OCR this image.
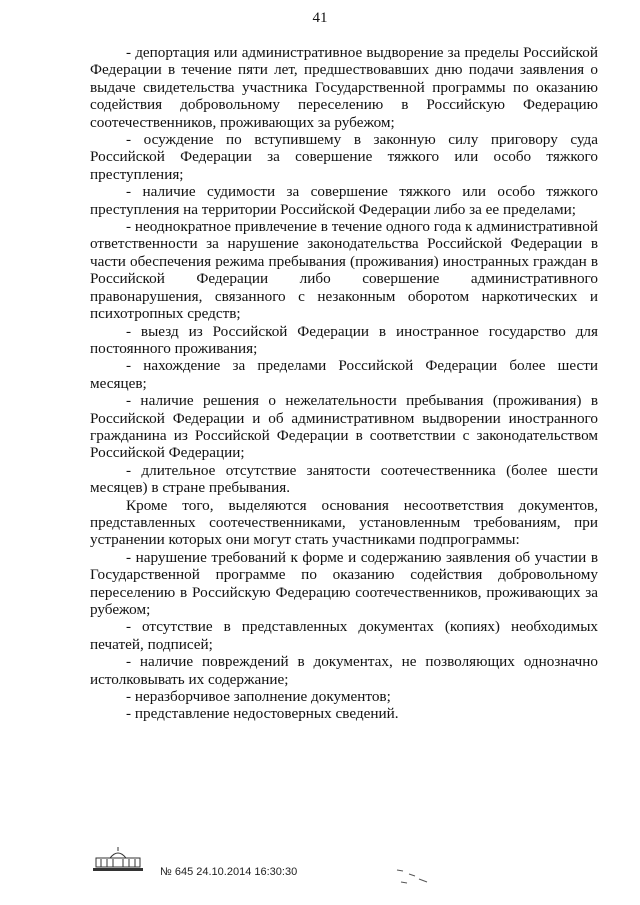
41

- депортация или административное выдворение за пределы Российской Федерации в течение пяти лет, предшествовавших дню подачи заявления о выдаче свидетельства участника Государственной программы по оказанию содействия добровольному переселению в Российскую Федерацию соотечественников, проживающих за рубежом;

- осуждение по вступившему в законную силу приговору суда Российской Федерации за совершение тяжкого или особо тяжкого преступления;

- наличие судимости за совершение тяжкого или особо тяжкого преступления на территории Российской Федерации либо за ее пределами;

- неоднократное привлечение в течение одного года к административной ответственности за нарушение законодательства Российской Федерации в части обеспечения режима пребывания (проживания) иностранных граждан в Российской Федерации либо совершение административного правонарушения, связанного с незаконным оборотом наркотических и психотропных средств;

- выезд из Российской Федерации в иностранное государство для постоянного проживания;

- нахождение за пределами Российской Федерации более шести месяцев;

- наличие решения о нежелательности пребывания (проживания) в Российской Федерации и об административном выдворении иностранного гражданина из Российской Федерации в соответствии с законодательством Российской Федерации;

- длительное отсутствие занятости соотечественника (более шести месяцев) в стране пребывания.

Кроме того, выделяются основания несоответствия документов, представленных соотечественниками, установленным требованиям, при устранении которых они могут стать участниками подпрограммы:

- нарушение требований к форме и содержанию заявления об участии в Государственной программе по оказанию содействия добровольному переселению в Российскую Федерацию соотечественников, проживающих за рубежом;

- отсутствие в представленных документах (копиях) необходимых печатей, подписей;

- наличие повреждений в документах, не позволяющих однозначно истолковывать их содержание;

- неразборчивое заполнение документов;

- представление недостоверных сведений.

№ 645 24.10.2014 16:30:30
